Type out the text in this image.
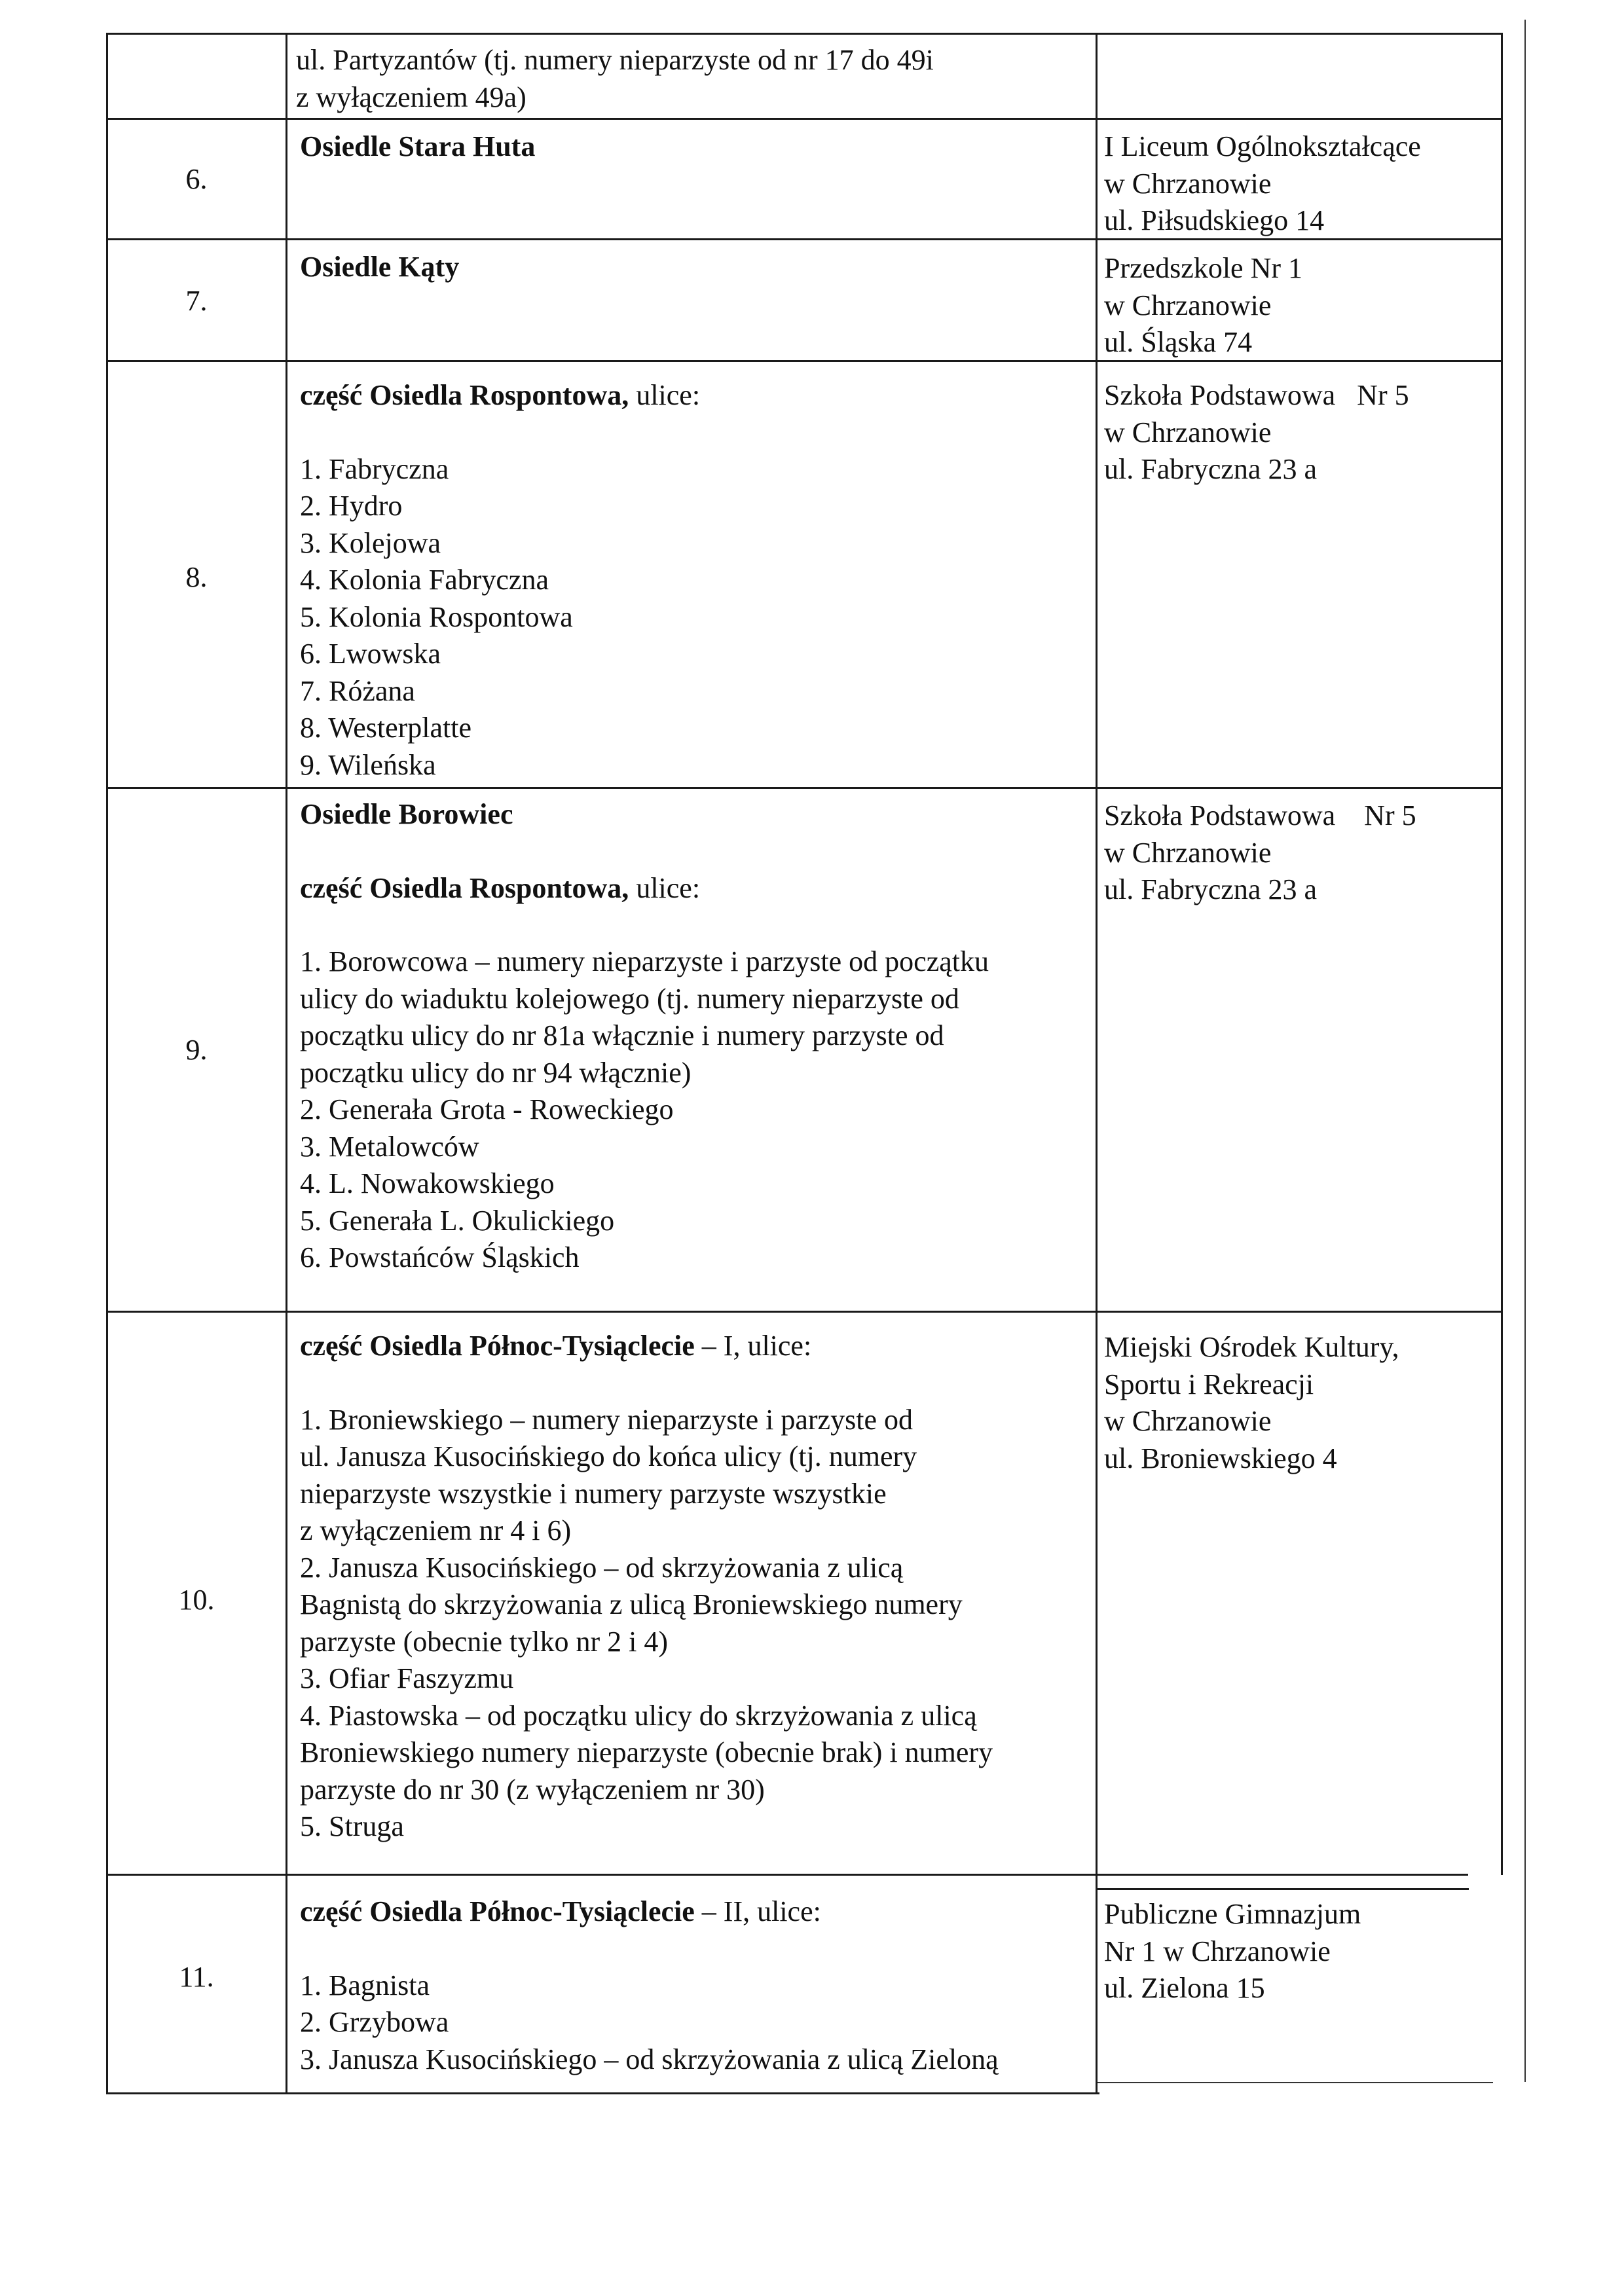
ul. Partyzantów (tj. numery nieparzyste od nr 17 do 49i
z wyłączeniem 49a)
6.
Osiedle Stara Huta	I Liceum Ogólnokształcące
w Chrzanowie
ul. Piłsudskiego 14
7.
Osiedle Kąty	Przedszkole Nr 1
w Chrzanowie
ul. Śląska 74
8.
część Osiedla Rospontowa, ulice:
1. Fabryczna
2. Hydro
3. Kolejowa
4. Kolonia Fabryczna
5. Kolonia Rospontowa
6. Lwowska
7. Różana
8. Westerplatte
9. Wileńska
Szkoła Podstawowa   Nr 5
w Chrzanowie
ul. Fabryczna 23 a
9.
Osiedle Borowiec
część Osiedla Rospontowa, ulice:
1. Borowcowa – numery nieparzyste i parzyste od początku
ulicy do wiaduktu kolejowego (tj. numery nieparzyste od
początku ulicy do nr 81a włącznie i numery parzyste od
początku ulicy do nr 94 włącznie)
2. Generała Grota - Roweckiego
3. Metalowców
4. L. Nowakowskiego
5. Generała L. Okulickiego
6. Powstańców Śląskich
Szkoła Podstawowa    Nr 5
w Chrzanowie
ul. Fabryczna 23 a
10.
część Osiedla Północ-Tysiąclecie – I, ulice:
1. Broniewskiego – numery nieparzyste i parzyste od
ul. Janusza Kusocińskiego do końca ulicy (tj. numery
nieparzyste wszystkie i numery parzyste wszystkie
z wyłączeniem nr 4 i 6)
2. Janusza Kusocińskiego – od skrzyżowania z ulicą
Bagnistą do skrzyżowania z ulicą Broniewskiego numery
parzyste (obecnie tylko nr 2 i 4)
3. Ofiar Faszyzmu
4. Piastowska – od początku ulicy do skrzyżowania z ulicą
Broniewskiego numery nieparzyste (obecnie brak) i numery
parzyste do nr 30 (z wyłączeniem nr 30)
5. Struga
Miejski Ośrodek Kultury,
Sportu i Rekreacji
w Chrzanowie
ul. Broniewskiego 4
11.
część Osiedla Północ-Tysiąclecie – II, ulice:
1. Bagnista
2. Grzybowa
3. Janusza Kusocińskiego – od skrzyżowania z ulicą Zieloną
Publiczne Gimnazjum
Nr 1 w Chrzanowie
ul. Zielona 15
